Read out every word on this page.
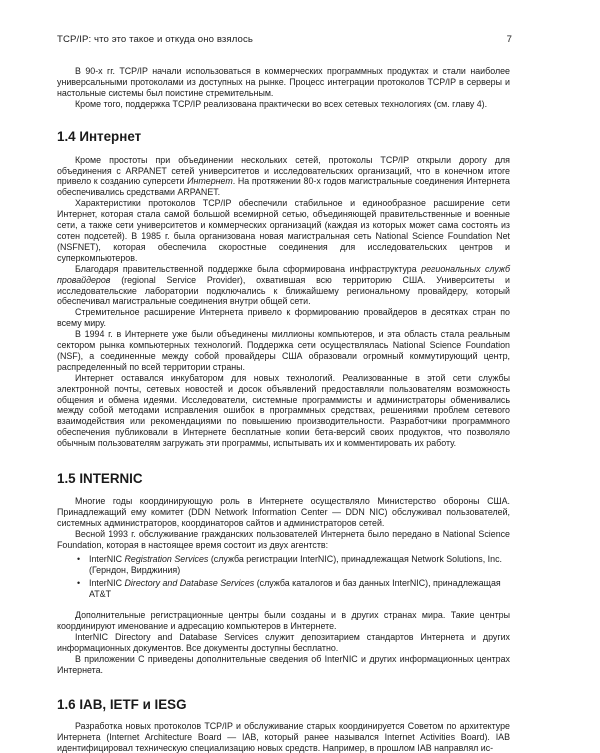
TCP/IP: что это такое и откуда оно взялось	7

В 90-х гг. TCP/IP начали использоваться в коммерческих программных продуктах и стали наиболее универсальными протоколами из доступных на рынке. Процесс интеграции протоколов TCP/IP в серверы и настольные системы был поистине стремительным.

Кроме того, поддержка TCP/IP реализована практически во всех сетевых технологиях (см. главу 4).

1.4 Интернет

Кроме простоты при объединении нескольких сетей, протоколы TCP/IP открыли дорогу для объединения с ARPANET сетей университетов и исследовательских организаций, что в конечном итоге привело к созданию суперсети Интернет. На протяжении 80-х годов магистральные соединения Интернета обеспечивались средствами ARPANET.

Характеристики протоколов TCP/IP обеспечили стабильное и единообразное расширение сети Интернет, которая стала самой большой всемирной сетью, объединяющей правительственные и военные сети, а также сети университетов и коммерческих организаций (каждая из которых может сама состоять из сотен подсетей). В 1985 г. была организована новая магистральная сеть National Science Foundation Net (NSFNET), которая обеспечила скоростные соединения для исследовательских центров и суперкомпьютеров.

Благодаря правительственной поддержке была сформирована инфраструктура региональных служб провайдеров (regional Service Provider), охватившая всю территорию США. Университеты и исследовательские лаборатории подключались к ближайшему региональному провайдеру, который обеспечивал магистральные соединения внутри общей сети.

Стремительное расширение Интернета привело к формированию провайдеров в десятках стран по всему миру.

В 1994 г. в Интернете уже были объединены миллионы компьютеров, и эта область стала реальным сектором рынка компьютерных технологий. Поддержка сети осуществлялась National Science Foundation (NSF), а соединенные между собой провайдеры США образовали огромный коммутирующий центр, распределенный по всей территории страны.

Интернет оставался инкубатором для новых технологий. Реализованные в этой сети службы электронной почты, сетевых новостей и досок объявлений предоставляли пользователям возможность общения и обмена идеями. Исследователи, системные программисты и администраторы обменивались между собой методами исправления ошибок в программных средствах, решениями проблем сетевого взаимодействия или рекомендациями по повышению производительности. Разработчики программного обеспечения публиковали в Интернете бесплатные копии бета-версий своих продуктов, что позволяло обычным пользователям загружать эти программы, испытывать их и комментировать их работу.

1.5 INTERNIC

Многие годы координирующую роль в Интернете осуществляло Министерство обороны США. Принадлежащий ему комитет (DDN Network Information Center — DDN NIC) обслуживал пользователей, системных администраторов, координаторов сайтов и администраторов сетей.

Весной 1993 г. обслуживание гражданских пользователей Интернета было передано в National Science Foundation, которая в настоящее время состоит из двух агентств:

• InterNIC Registration Services (служба регистрации InterNIC), принадлежащая Network Solutions, Inc. (Герндон, Вирджиния)
• InterNIC Directory and Database Services (служба каталогов и баз данных InterNIC), принадлежащая AT&T

Дополнительные регистрационные центры были созданы и в других странах мира. Такие центры координируют именование и адресацию компьютеров в Интернете.

InterNIC Directory and Database Services служит депозитарием стандартов Интернета и других информационных документов. Все документы доступны бесплатно.

В приложении С приведены дополнительные сведения об InterNIC и других информационных центрах Интернета.

1.6 IAB, IETF и IESG

Разработка новых протоколов TCP/IP и обслуживание старых координируется Советом по архитектуре Интернета (Internet Architecture Board — IAB, который ранее назывался Internet Activities Board). IAB идентифицировал техническую специализацию новых средств. Например, в прошлом IAB направлял ис-
